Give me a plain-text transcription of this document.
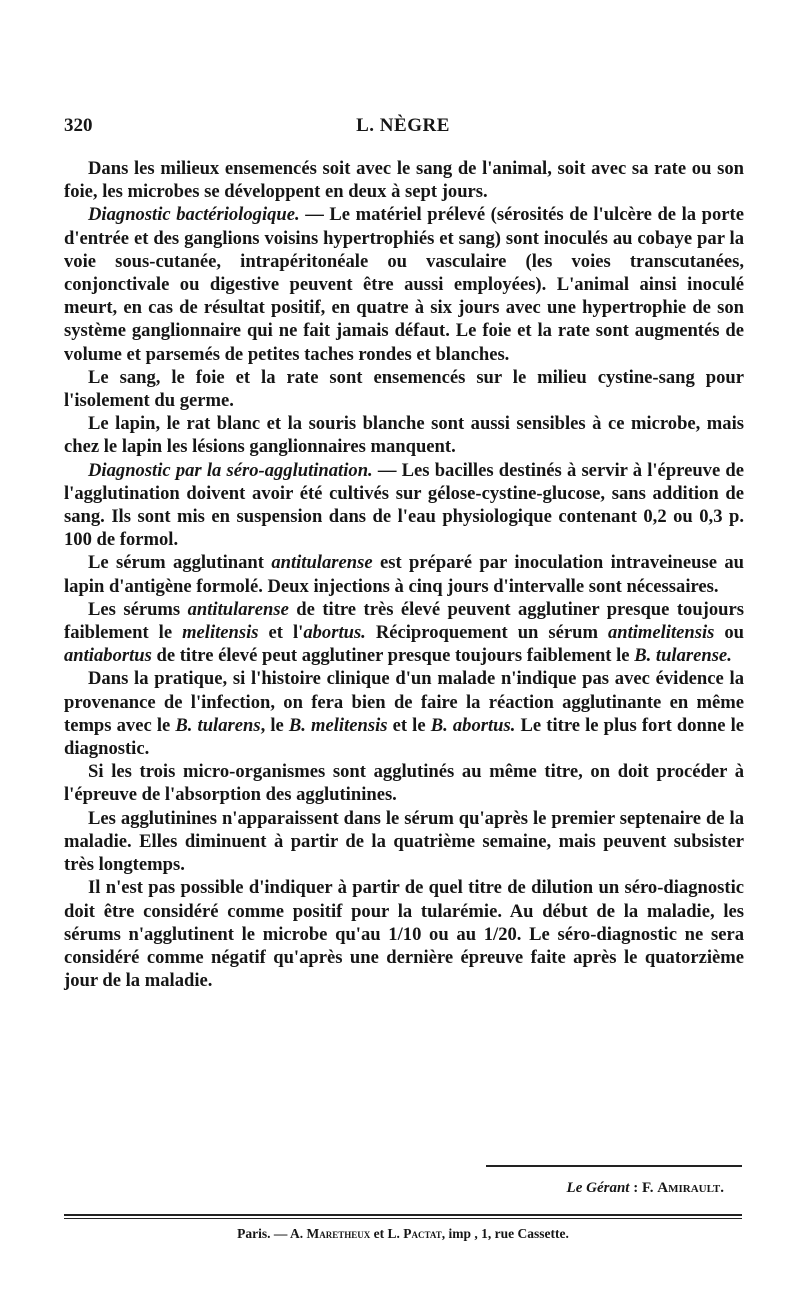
320	L. NÈGRE

Dans les milieux ensemencés soit avec le sang de l'animal, soit avec sa rate ou son foie, les microbes se développent en deux à sept jours.

Diagnostic bactériologique. — Le matériel prélevé (sérosités de l'ulcère de la porte d'entrée et des ganglions voisins hypertrophiés et sang) sont inoculés au cobaye par la voie sous-cutanée, intrapéritonéale ou vasculaire (les voies transcutanées, conjonctivale ou digestive peuvent être aussi employées). L'animal ainsi inoculé meurt, en cas de résultat positif, en quatre à six jours avec une hypertrophie de son système ganglionnaire qui ne fait jamais défaut. Le foie et la rate sont augmentés de volume et parsemés de petites taches rondes et blanches.

Le sang, le foie et la rate sont ensemencés sur le milieu cystine-sang pour l'isolement du germe.

Le lapin, le rat blanc et la souris blanche sont aussi sensibles à ce microbe, mais chez le lapin les lésions ganglionnaires manquent.

Diagnostic par la séro-agglutination. — Les bacilles destinés à servir à l'épreuve de l'agglutination doivent avoir été cultivés sur gélose-cystine-glucose, sans addition de sang. Ils sont mis en suspension dans de l'eau physiologique contenant 0,2 ou 0,3 p. 100 de formol.

Le sérum agglutinant antitularense est préparé par inoculation intraveineuse au lapin d'antigène formolé. Deux injections à cinq jours d'intervalle sont nécessaires.

Les sérums antitularense de titre très élevé peuvent agglutiner presque toujours faiblement le melitensis et l'abortus. Réciproquement un sérum antimelitensis ou antiabortus de titre élevé peut agglutiner presque toujours faiblement le B. tularense.

Dans la pratique, si l'histoire clinique d'un malade n'indique pas avec évidence la provenance de l'infection, on fera bien de faire la réaction agglutinante en même temps avec le B. tularens, le B. melitensis et le B. abortus. Le titre le plus fort donne le diagnostic.

Si les trois micro-organismes sont agglutinés au même titre, on doit procéder à l'épreuve de l'absorption des agglutinines.

Les agglutinines n'apparaissent dans le sérum qu'après le premier septenaire de la maladie. Elles diminuent à partir de la quatrième semaine, mais peuvent subsister très longtemps.

Il n'est pas possible d'indiquer à partir de quel titre de dilution un séro-diagnostic doit être considéré comme positif pour la tularémie. Au début de la maladie, les sérums n'agglutinent le microbe qu'au 1/10 ou au 1/20. Le séro-diagnostic ne sera considéré comme négatif qu'après une dernière épreuve faite après le quatorzième jour de la maladie.

Le Gérant : F. Amirault.
Paris. — A. Maretheux et L. Pactat, imp , 1, rue Cassette.
